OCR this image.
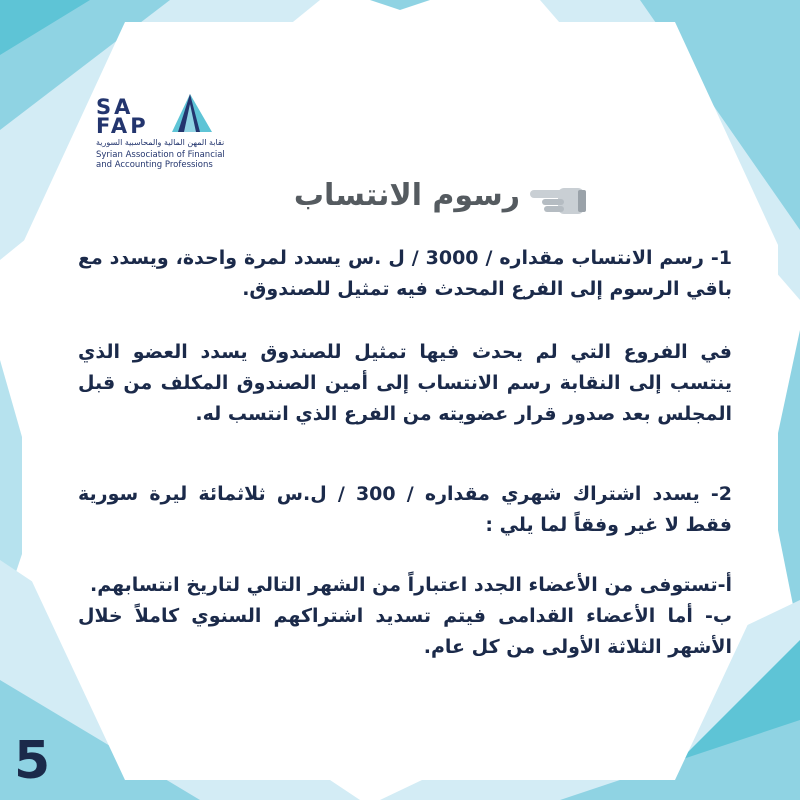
SA
FAP
نقابة المهن المالية والمحاسبية السورية
Syrian Association of Financial
and Accounting Professions
رسوم الانتساب

1- رسم الانتساب مقداره / 3000 / ل .س يسدد لمرة واحدة، ويسدد مع باقي الرسوم إلى الفرع المحدث فيه تمثيل للصندوق.

في الفروع التي لم يحدث فيها تمثيل للصندوق يسدد العضو الذي ينتسب إلى النقابة رسم الانتساب إلى أمين الصندوق المكلف من قبل المجلس بعد صدور قرار عضويته من الفرع الذي انتسب له.

2- يسدد اشتراك شهري مقداره / 300 / ل.س ثلاثمائة ليرة سورية فقط لا غير وفقاً لما يلي :

أ-تستوفى من الأعضاء الجدد اعتباراً من الشهر التالي لتاريخ انتسابهم.

ب- أما الأعضاء القدامى فيتم تسديد اشتراكهم السنوي كاملاً خلال الأشهر الثلاثة الأولى من كل عام.

5
